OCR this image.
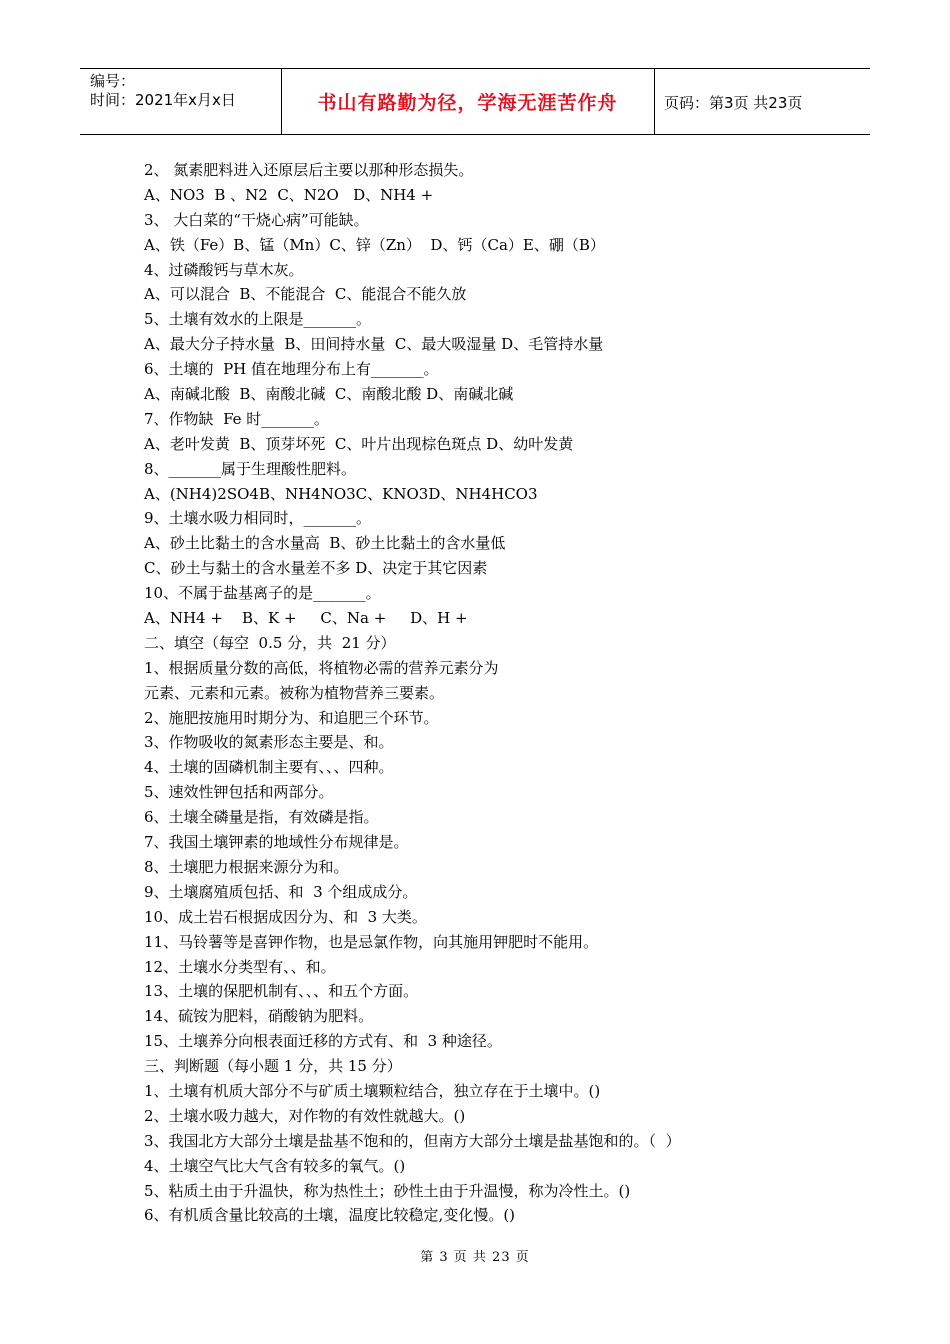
编号：
时间：2021年x月x日	书山有路勤为径，学海无涯苦作舟	页码：第3页 共23页
2、 氮素肥料进入还原层后主要以那种形态损失。
A、NO3  B 、N2  C、N2O   D、NH4 +
3、 大白菜的“干烧心病”可能缺。
A、铁（Fe）B、锰（Mn）C、锌（Zn）  D、钙（Ca）E、硼（B）
4、过磷酸钙与草木灰。
A、可以混合  B、不能混合  C、能混合不能久放
5、土壤有效水的上限是_______。
A、最大分子持水量  B、田间持水量  C、最大吸湿量 D、毛管持水量
6、土壤的  PH 值在地理分布上有_______。
A、南碱北酸  B、南酸北碱  C、南酸北酸 D、南碱北碱
7、作物缺  Fe 时_______。
A、老叶发黄  B、顶芽坏死  C、叶片出现棕色斑点 D、幼叶发黄
8、_______属于生理酸性肥料。
A、(NH4)2SO4B、NH4NO3C、KNO3D、NH4HCO3
9、土壤水吸力相同时，_______。
A、砂土比黏土的含水量高  B、砂土比黏土的含水量低
C、砂土与黏土的含水量差不多 D、决定于其它因素
10、不属于盐基离子的是_______。
A、NH4 +    B、K +     C、Na +     D、H +
二、填空（每空  0.5 分，共  21 分）
1、根据质量分数的高低，将植物必需的营养元素分为
元素、元素和元素。被称为植物营养三要素。
2、施肥按施用时期分为、和追肥三个环节。
3、作物吸收的氮素形态主要是、和。
4、土壤的固磷机制主要有、、、四种。
5、速效性钾包括和两部分。
6、土壤全磷量是指，有效磷是指。
7、我国土壤钾素的地域性分布规律是。
8、土壤肥力根据来源分为和。
9、土壤腐殖质包括、和  3 个组成成分。
10、成土岩石根据成因分为、和  3 大类。
11、马铃薯等是喜钾作物，也是忌氯作物，向其施用钾肥时不能用。
12、土壤水分类型有、、和。
13、土壤的保肥机制有、、、和五个方面。
14、硫铵为肥料，硝酸钠为肥料。
15、土壤养分向根表面迁移的方式有、和  3 种途径。
三、判断题（每小题 1 分，共 15 分）
1、土壤有机质大部分不与矿质土壤颗粒结合，独立存在于土壤中。()
2、土壤水吸力越大，对作物的有效性就越大。()
3、我国北方大部分土壤是盐基不饱和的，但南方大部分土壤是盐基饱和的。（  ）
4、土壤空气比大气含有较多的氧气。()
5、粘质土由于升温快，称为热性土；砂性土由于升温慢，称为冷性土。()
6、有机质含量比较高的土壤，温度比较稳定,变化慢。()
第 3 页 共 23 页
